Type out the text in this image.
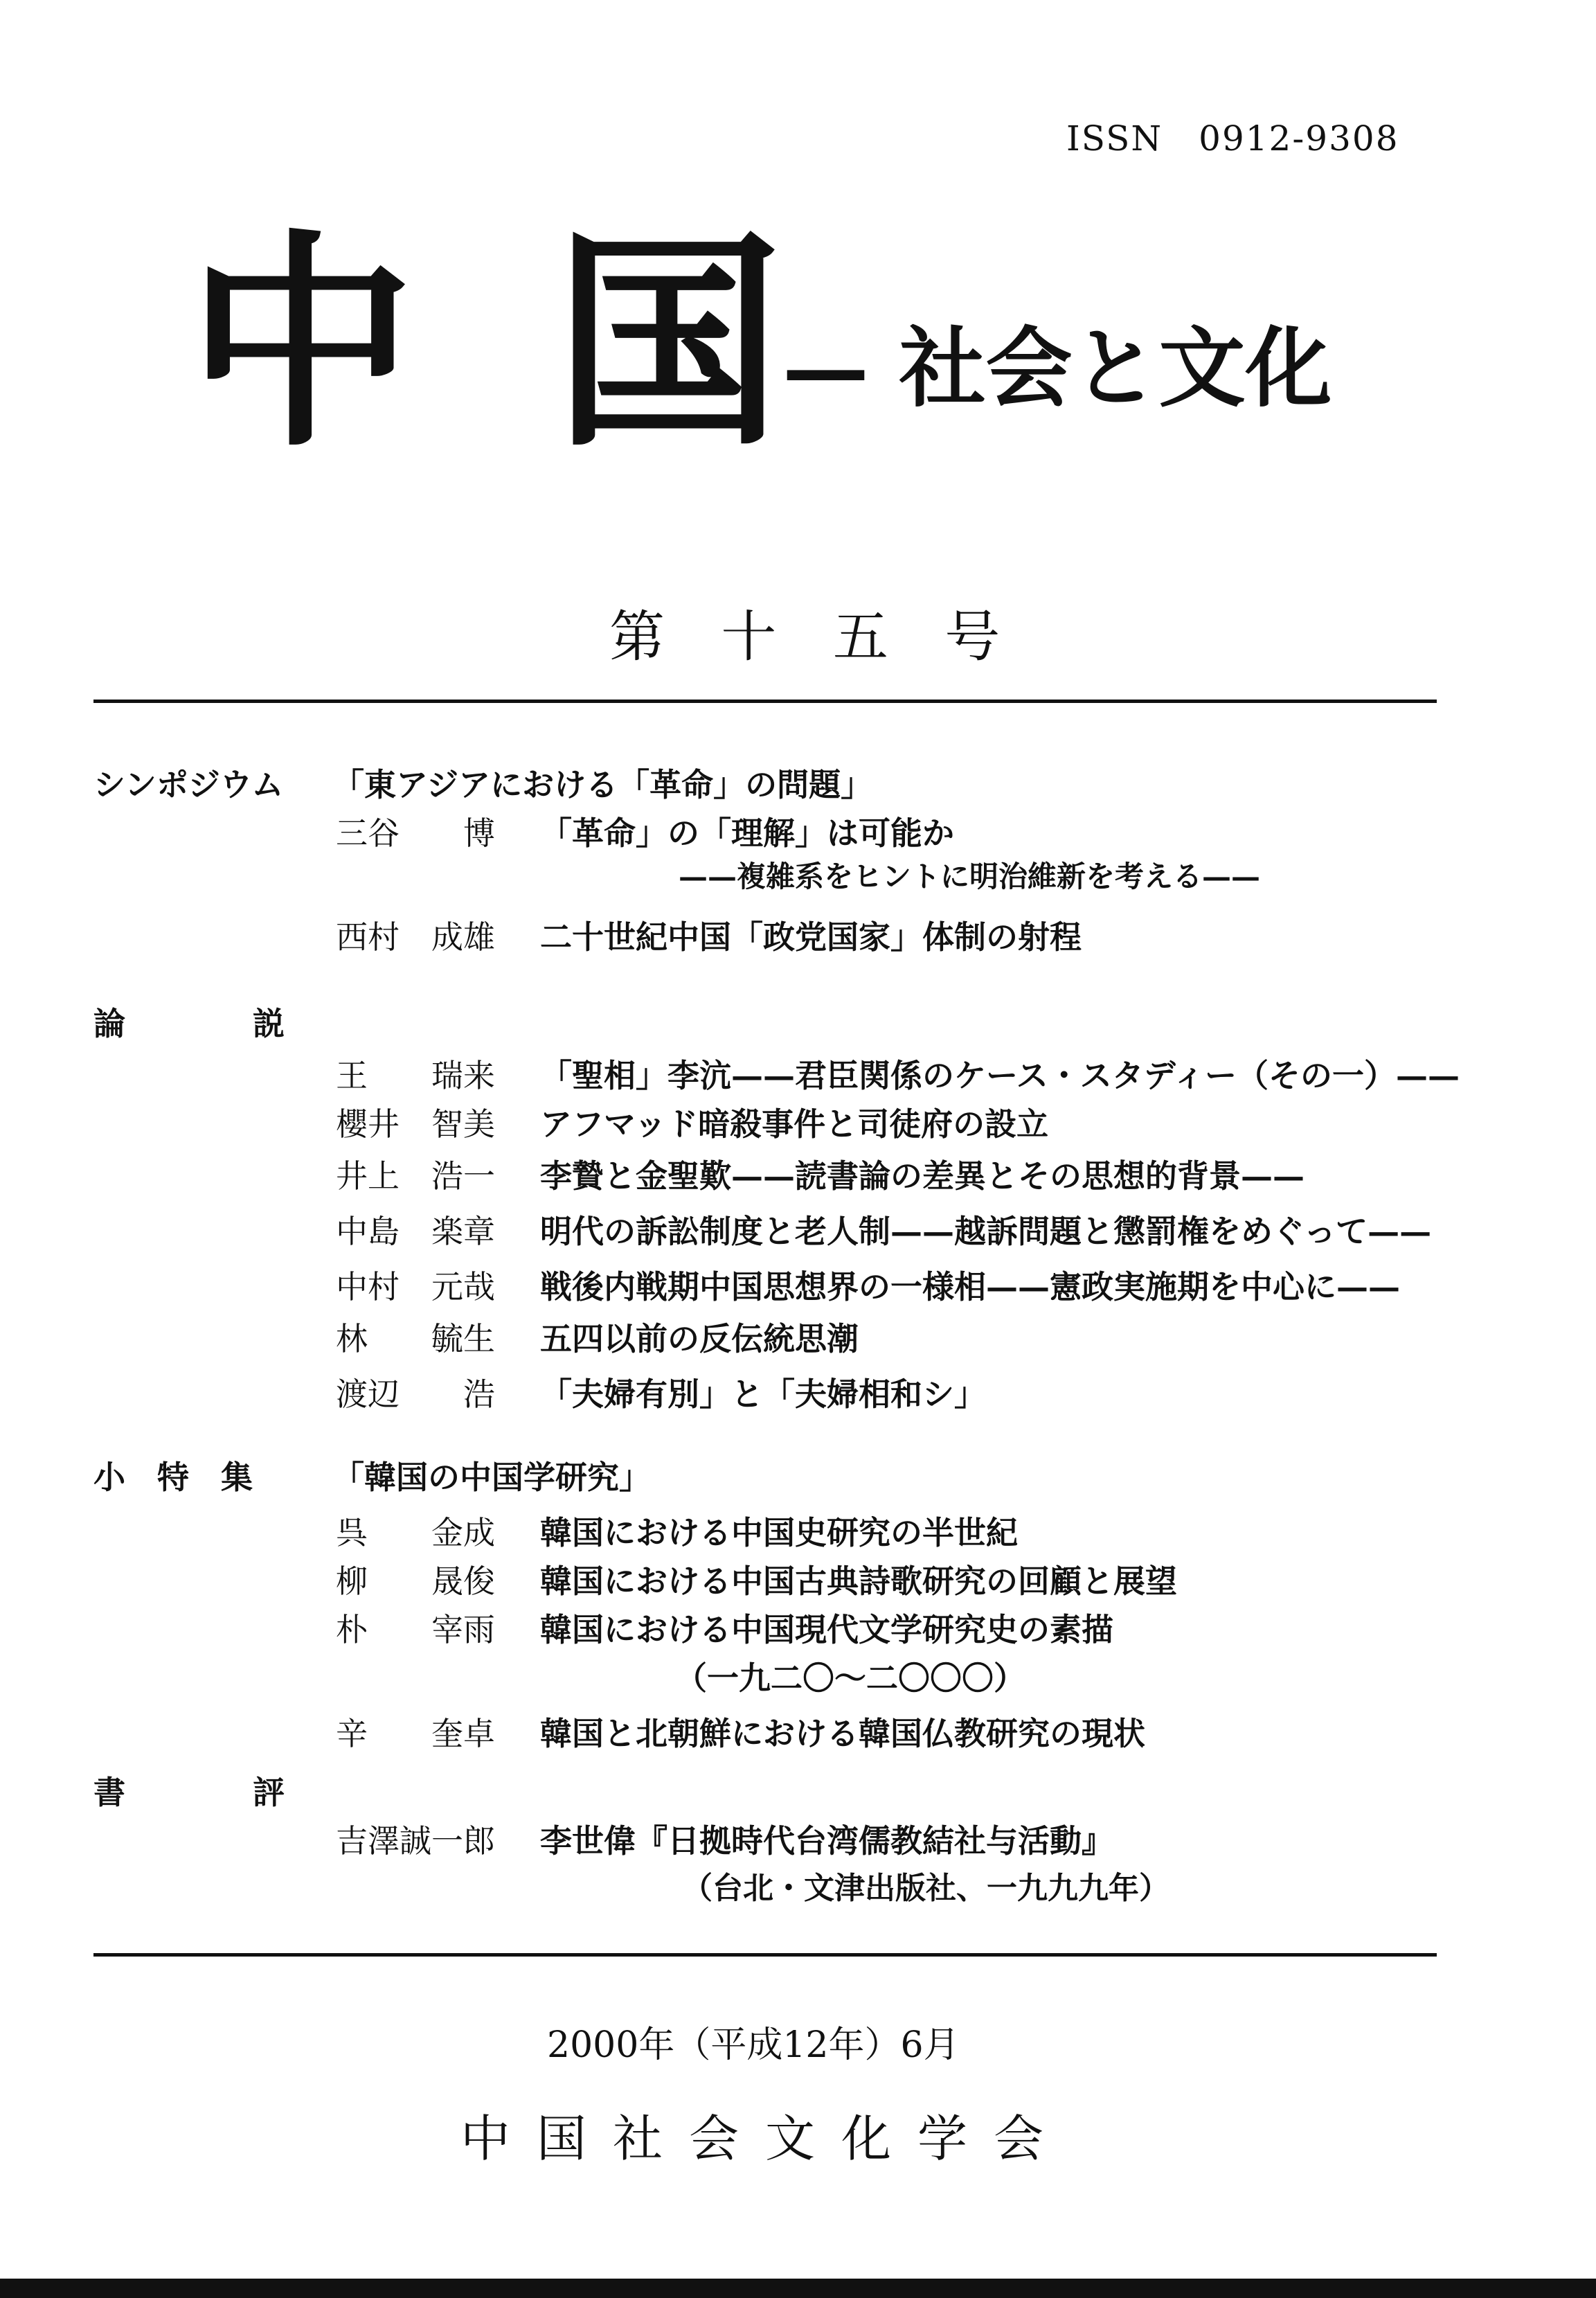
ISSN　0912-9308
中 国 — 社会と文化
第 十 五 号
シンポジウム 「東アジアにおける「革命」の問題」
三谷　　博 「革命」の「理解」は可能か
——複雑系をヒントに明治維新を考える——
西村　成雄 二十世紀中国「政党国家」体制の射程
論　　　　説
王　　瑞来 「聖相」李沆——君臣関係のケース・スタディー（その一）——
櫻井　智美 アフマッド暗殺事件と司徒府の設立
井上　浩一 李贄と金聖歎——読書論の差異とその思想的背景——
中島　楽章 明代の訴訟制度と老人制——越訴問題と懲罰権をめぐって——
中村　元哉 戦後内戦期中国思想界の一様相——憲政実施期を中心に——
林　　毓生 五四以前の反伝統思潮
渡辺　　浩 「夫婦有別」と「夫婦相和シ」
小　特　集	「韓国の中国学研究」
呉　　金成 韓国における中国史研究の半世紀
柳　　晟俊 韓国における中国古典詩歌研究の回顧と展望
朴　　宰雨 韓国における中国現代文学研究史の素描
（一九二〇～二〇〇〇）
辛　　奎卓 韓国と北朝鮮における韓国仏教研究の現状
書　　　　評
吉澤誠一郎 李世偉『日拠時代台湾儒教結社与活動』
（台北・文津出版社、一九九九年）
2000年（平成12年）6月
中国社会文化学会
